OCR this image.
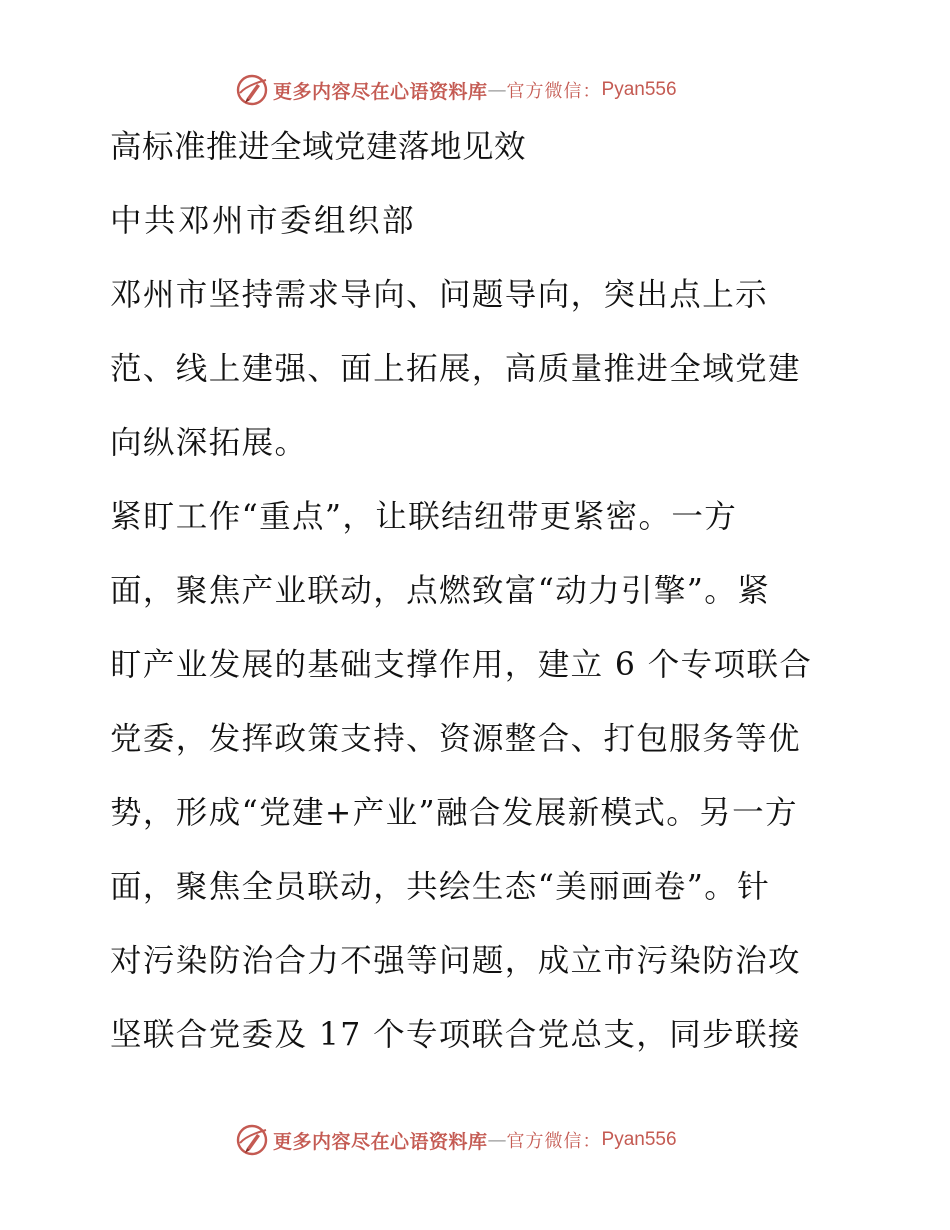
更多内容尽在心语资料库 — 官方微信： Pyan556
高标准推进全域党建落地见效
中共邓州市委组织部
邓州市坚持需求导向、问题导向，突出点上示
范、线上建强、面上拓展，高质量推进全域党建
向纵深拓展。
紧盯工作“重点”，让联结纽带更紧密。一方
面，聚焦产业联动，点燃致富“动力引擎”。紧
盯产业发展的基础支撑作用，建立 6 个专项联合
党委，发挥政策支持、资源整合、打包服务等优
势，形成“党建+产业”融合发展新模式。另一方
面，聚焦全员联动，共绘生态“美丽画卷”。针
对污染防治合力不强等问题，成立市污染防治攻
坚联合党委及 17 个专项联合党总支，同步联接
更多内容尽在心语资料库 — 官方微信： Pyan556
